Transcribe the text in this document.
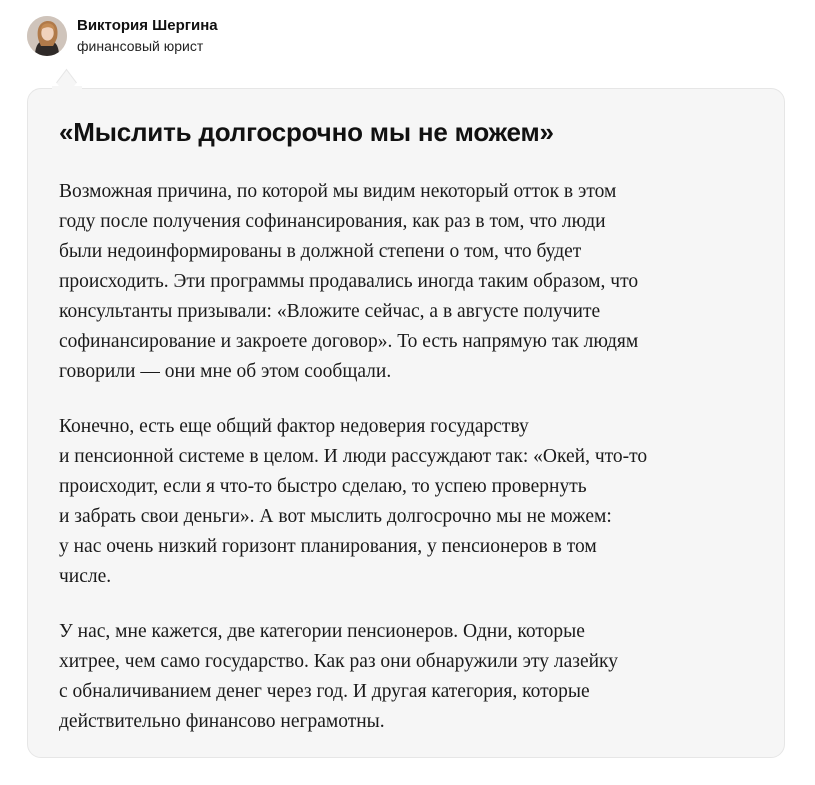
Виктория Шергина
финансовый юрист
«Мыслить долгосрочно мы не можем»

Возможная причина, по которой мы видим некоторый отток в этом
году после получения софинансирования, как раз в том, что люди
были недоинформированы в должной степени о том, что будет
происходить. Эти программы продавались иногда таким образом, что
консультанты призывали: «Вложите сейчас, а в августе получите
софинансирование и закроете договор». То есть напрямую так людям
говорили — они мне об этом сообщали.

Конечно, есть еще общий фактор недоверия государству
и пенсионной системе в целом. И люди рассуждают так: «Окей, что-то
происходит, если я что-то быстро сделаю, то успею провернуть
и забрать свои деньги». А вот мыслить долгосрочно мы не можем:
у нас очень низкий горизонт планирования, у пенсионеров в том
числе.

У нас, мне кажется, две категории пенсионеров. Одни, которые
хитрее, чем само государство. Как раз они обнаружили эту лазейку
с обналичиванием денег через год. И другая категория, которые
действительно финансово неграмотны.
